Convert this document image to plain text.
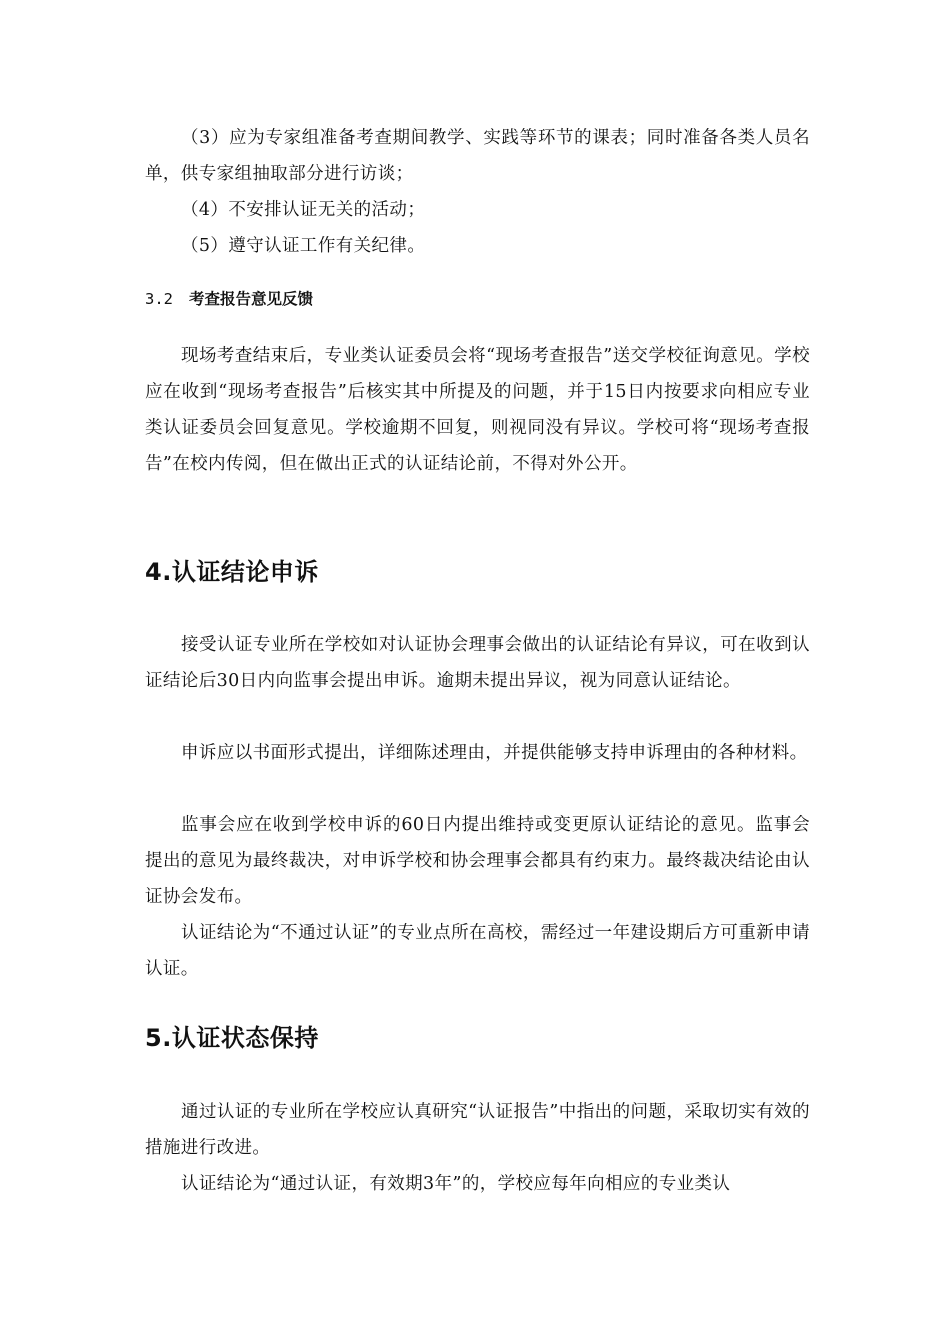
（3）应为专家组准备考查期间教学、实践等环节的课表；同时准备各类人员名单，供专家组抽取部分进行访谈；

（4）不安排认证无关的活动；

（5）遵守认证工作有关纪律。

3.2 考查报告意见反馈

现场考查结束后，专业类认证委员会将“现场考查报告”送交学校征询意见。学校应在收到“现场考查报告”后核实其中所提及的问题，并于15日内按要求向相应专业类认证委员会回复意见。学校逾期不回复，则视同没有异议。学校可将“现场考查报告”在校内传阅，但在做出正式的认证结论前，不得对外公开。

4.认证结论申诉

接受认证专业所在学校如对认证协会理事会做出的认证结论有异议，可在收到认证结论后30日内向监事会提出申诉。逾期未提出异议，视为同意认证结论。

申诉应以书面形式提出，详细陈述理由，并提供能够支持申诉理由的各种材料。

监事会应在收到学校申诉的60日内提出维持或变更原认证结论的意见。监事会提出的意见为最终裁决，对申诉学校和协会理事会都具有约束力。最终裁决结论由认证协会发布。

认证结论为“不通过认证”的专业点所在高校，需经过一年建设期后方可重新申请认证。

5.认证状态保持

通过认证的专业所在学校应认真研究“认证报告”中指出的问题，采取切实有效的措施进行改进。

认证结论为“通过认证，有效期3年”的，学校应每年向相应的专业类认
